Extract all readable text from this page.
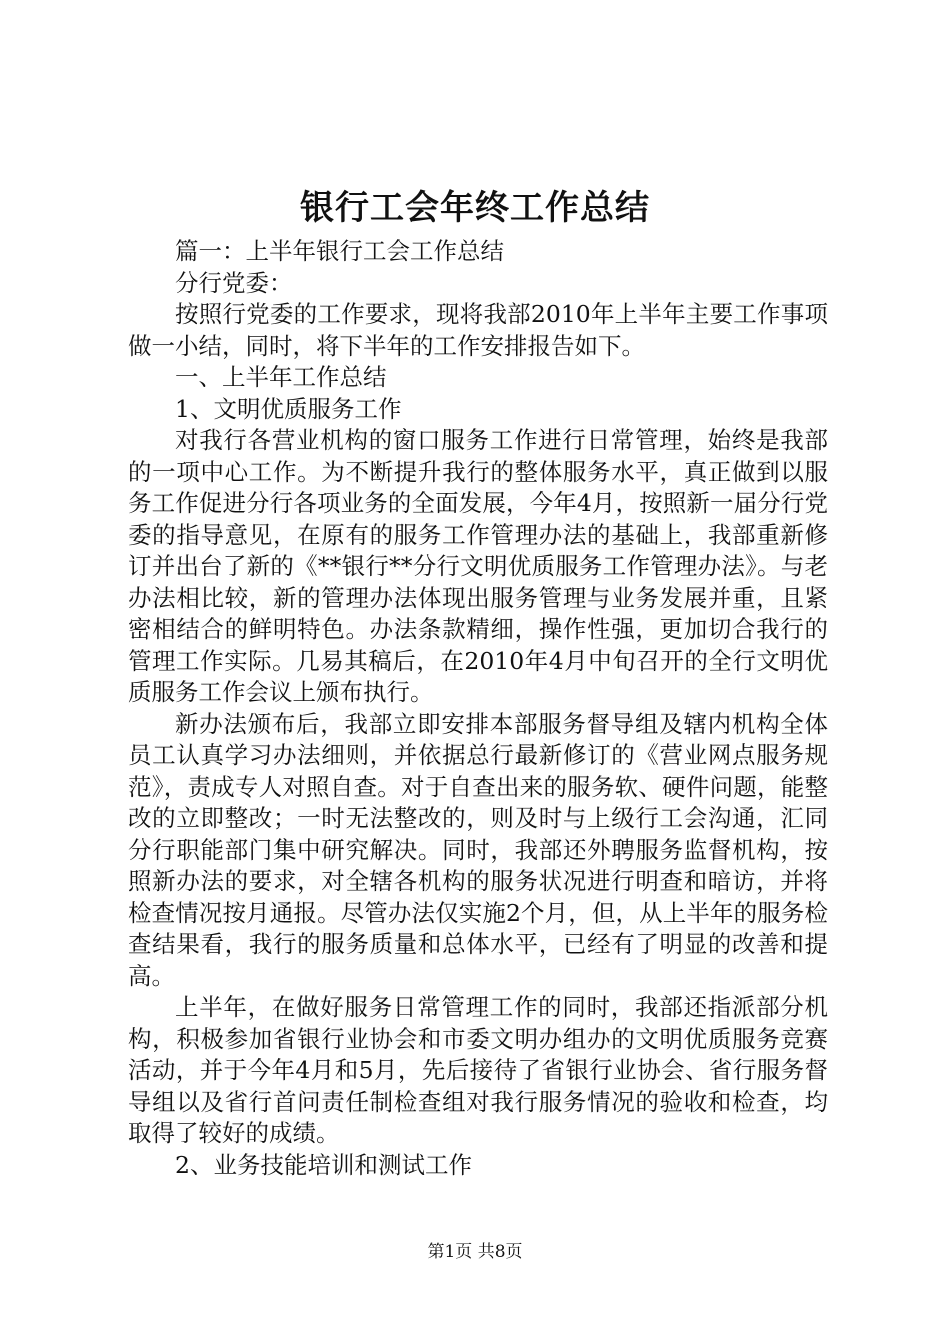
银行工会年终工作总结

篇一：上半年银行工会工作总结

分行党委：

按照行党委的工作要求，现将我部2010年上半年主要工作事项做一小结，同时，将下半年的工作安排报告如下。

一、上半年工作总结

1、文明优质服务工作

对我行各营业机构的窗口服务工作进行日常管理，始终是我部的一项中心工作。为不断提升我行的整体服务水平，真正做到以服务工作促进分行各项业务的全面发展，今年4月，按照新一届分行党委的指导意见，在原有的服务工作管理办法的基础上，我部重新修订并出台了新的《**银行**分行文明优质服务工作管理办法》。与老办法相比较，新的管理办法体现出服务管理与业务发展并重，且紧密相结合的鲜明特色。办法条款精细，操作性强，更加切合我行的管理工作实际。几易其稿后，在2010年4月中旬召开的全行文明优质服务工作会议上颁布执行。

新办法颁布后，我部立即安排本部服务督导组及辖内机构全体员工认真学习办法细则，并依据总行最新修订的《营业网点服务规范》，责成专人对照自查。对于自查出来的服务软、硬件问题，能整改的立即整改；一时无法整改的，则及时与上级行工会沟通，汇同分行职能部门集中研究解决。同时，我部还外聘服务监督机构，按照新办法的要求，对全辖各机构的服务状况进行明查和暗访，并将检查情况按月通报。尽管办法仅实施2个月，但，从上半年的服务检查结果看，我行的服务质量和总体水平，已经有了明显的改善和提高。

上半年，在做好服务日常管理工作的同时，我部还指派部分机构，积极参加省银行业协会和市委文明办组办的文明优质服务竞赛活动，并于今年4月和5月，先后接待了省银行业协会、省行服务督导组以及省行首问责任制检查组对我行服务情况的验收和检查，均取得了较好的成绩。

2、业务技能培训和测试工作

第1页 共8页
